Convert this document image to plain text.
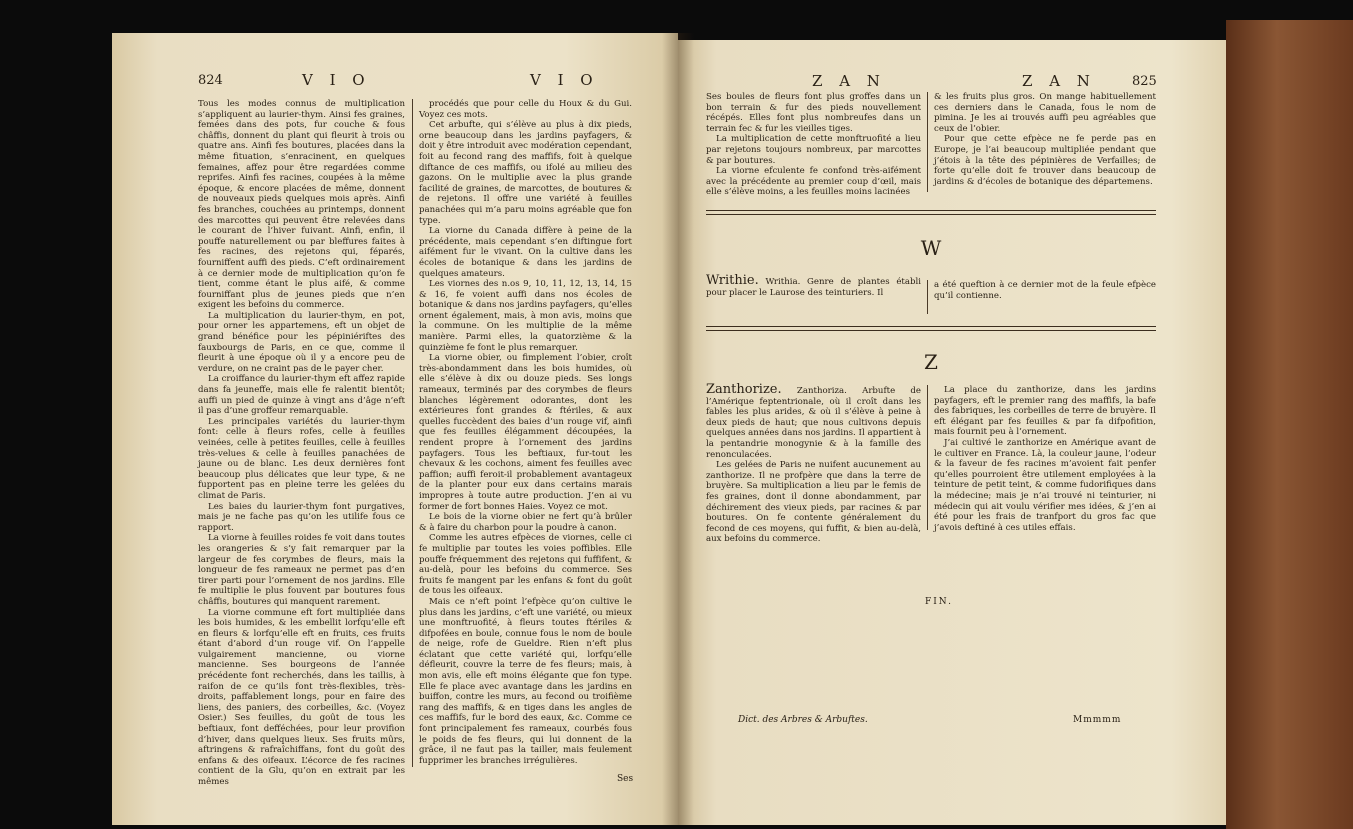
824	V I O	V I O

Tous les modes connus de multiplication s’appliquent au laurier-thym. Ainsi fes graines, femées dans des pots, fur couche & fous châffis, donnent du plant qui fleurit à trois ou quatre ans. Ainfi fes boutures, placées dans la même fituation, s’enracinent, en quelques femaines, affez pour être regardées comme reprifes. Ainfi fes racines, coupées à la même époque, & encore placées de même, donnent de nouveaux pieds quelques mois après. Ainfi fes branches, couchées au printemps, donnent des marcottes qui peuvent être relevées dans le courant de l’hiver fuivant. Ainfi, enfin, il pouffe naturellement ou par bleffures faites à fes racines, des rejetons qui, féparés, fourniffent auffi des pieds. C’eft ordinairement à ce dernier mode de multiplication qu’on fe tient, comme étant le plus aifé, & comme fourniffant plus de jeunes pieds que n’en exigent les befoins du commerce.

La multiplication du laurier-thym, en pot, pour orner les appartemens, eft un objet de grand bénéfice pour les pépiniériftes des fauxbourgs de Paris, en ce que, comme il fleurit à une époque où il y a encore peu de verdure, on ne craint pas de le payer cher.

La croiffance du laurier-thym eft affez rapide dans fa jeuneffe, mais elle fe ralentit bientôt; auffi un pied de quinze à vingt ans d’âge n’eft il pas d’une groffeur remarquable.

Les principales variétés du laurier-thym font: celle à fleurs rofes, celle à feuilles veinées, celle à petites feuilles, celle à feuilles très-velues & celle à feuilles panachées de jaune ou de blanc. Les deux dernières font beaucoup plus délicates que leur type, & ne fupportent pas en pleine terre les gelées du climat de Paris.

Les baies du laurier-thym font purgatives, mais je ne fache pas qu’on les utilife fous ce rapport.

La viorne à feuilles roides fe voit dans toutes les orangeries & s’y fait remarquer par la largeur de fes corymbes de fleurs, mais la longueur de fes rameaux ne permet pas d’en tirer parti pour l’ornement de nos jardins. Elle fe multiplie le plus fouvent par boutures fous châffis, boutures qui manquent rarement.

La viorne commune eft fort multipliée dans les bois humides, & les embellit lorfqu’elle eft en fleurs & lorfqu’elle eft en fruits, ces fruits étant d’abord d’un rouge vif. On l’appelle vulgairement mancienne, ou viorne mancienne. Ses bourgeons de l’année précédente font recherchés, dans les taillis, à raifon de ce qu’ils font très-flexibles, très-droits, paffablement longs, pour en faire des liens, des paniers, des corbeilles, &c. (Voyez Osier.) Ses feuilles, du goût de tous les beftiaux, font defféchées, pour leur provifion d’hiver, dans quelques lieux. Ses fruits mûrs, aftringens & rafraîchiffans, font du goût des enfans & des oifeaux. L’écorce de fes racines contient de la Glu, qu’on en extrait par les mêmes

procédés que pour celle du Houx & du Gui. Voyez ces mots.

Cet arbufte, qui s’élève au plus à dix pieds, orne beaucoup dans les jardins payfagers, & doit y être introduit avec modération cependant, foit au fecond rang des maffifs, foit à quelque diftance de ces maffifs, ou ifolé au milieu des gazons. On le multiplie avec la plus grande facilité de graines, de marcottes, de boutures & de rejetons. Il offre une variété à feuilles panachées qui m’a paru moins agréable que fon type.

La viorne du Canada diffère à peine de la précédente, mais cependant s’en diftingue fort aifément fur le vivant. On la cultive dans les écoles de botanique & dans les jardins de quelques amateurs.

Les viornes des n.os 9, 10, 11, 12, 13, 14, 15 & 16, fe voient auffi dans nos écoles de botanique & dans nos jardins payfagers, qu’elles ornent également, mais, à mon avis, moins que la commune. On les multiplie de la même manière. Parmi elles, la quatorzième & la quinzième fe font le plus remarquer.

La viorne obier, ou fimplement l’obier, croît très-abondamment dans les bois humides, où elle s’élève à dix ou douze pieds. Ses longs rameaux, terminés par des corymbes de fleurs blanches légèrement odorantes, dont les extérieures font grandes & ftériles, & aux quelles fuccèdent des baies d’un rouge vif, ainfi que fes feuilles élégamment découpées, la rendent propre à l’ornement des jardins payfagers. Tous les beftiaux, fur-tout les chevaux & les cochons, aiment fes feuilles avec paffion; auffi feroit-il probablement avantageux de la planter pour eux dans certains marais impropres à toute autre production. J’en ai vu former de fort bonnes Haies. Voyez ce mot.

Le bois de la viorne obier ne fert qu’à brûler & à faire du charbon pour la poudre à canon.

Comme les autres efpèces de viornes, celle ci fe multiplie par toutes les voies poffibles. Elle pouffe fréquemment des rejetons qui fuffifent, & au-delà, pour les befoins du commerce. Ses fruits fe mangent par les enfans & font du goût de tous les oifeaux.

Mais ce n’eft point l’efpèce qu’on cultive le plus dans les jardins, c’eft une variété, ou mieux une monftruofité, à fleurs toutes ftériles & difpofées en boule, connue fous le nom de boule de neige, rofe de Gueldre. Rien n’eft plus éclatant que cette variété qui, lorfqu’elle défleurit, couvre la terre de fes fleurs; mais, à mon avis, elle eft moins élégante que fon type. Elle fe place avec avantage dans les jardins en buiffon, contre les murs, au fecond ou troifième rang des maffifs, & en tiges dans les angles de ces maffifs, fur le bord des eaux, &c. Comme ce font principalement fes rameaux, courbés fous le poids de fes fleurs, qui lui donnent de la grâce, il ne faut pas la tailler, mais feulement fupprimer les branches irrégulières.

Ses
Z A N	Z A N	825

Ses boules de fleurs font plus groffes dans un bon terrain & fur des pieds nouvellement récépés. Elles font plus nombreufes dans un terrain fec & fur les vieilles tiges.

La multiplication de cette monftruofité a lieu par rejetons toujours nombreux, par marcottes & par boutures.

La viorne efculente fe confond très-aifément avec la précédente au premier coup d’œil, mais elle s’élève moins, a les feuilles moins lacinées

& les fruits plus gros. On mange habituellement ces derniers dans le Canada, fous le nom de pimina. Je les ai trouvés auffi peu agréables que ceux de l’obier.

Pour que cette efpèce ne fe perde pas en Europe, je l’ai beaucoup multipliée pendant que j’étois à la tête des pépinières de Verfailles; de forte qu’elle doit fe trouver dans beaucoup de jardins & d’écoles de botanique des départemens.

W

Writhie. Writhia. Genre de plantes établi pour placer le Laurose des teinturiers. Il

a été queftion à ce dernier mot de la feule efpèce qu’il contienne.

Z

Zanthorize. Zanthoriza. Arbufte de l’Amérique feptentrionale, où il croît dans les fables les plus arides, & où il s’élève à peine à deux pieds de haut; que nous cultivons depuis quelques années dans nos jardins. Il appartient à la pentandrie monogynie & à la famille des renonculacées.

Les gelées de Paris ne nuifent aucunement au zanthorize. Il ne profpère que dans la terre de bruyère. Sa multiplication a lieu par le femis de fes graines, dont il donne abondamment, par déchirement des vieux pieds, par racines & par boutures. On fe contente généralement du fecond de ces moyens, qui fuffit, & bien au-delà, aux befoins du commerce.

La place du zanthorize, dans les jardins payfagers, eft le premier rang des maffifs, la bafe des fabriques, les corbeilles de terre de bruyère. Il eft élégant par fes feuilles & par fa difpofition, mais fournit peu à l’ornement.

J’ai cultivé le zanthorize en Amérique avant de le cultiver en France. Là, la couleur jaune, l’odeur & la faveur de fes racines m’avoient fait penfer qu’elles pourroient être utilement employées à la teinture de petit teint, & comme fudorifiques dans la médecine; mais je n’ai trouvé ni teinturier, ni médecin qui ait voulu vérifier mes idées, & j’en ai été pour les frais de tranfport du gros fac que j’avois deftiné à ces utiles effais.

FIN.
Dict. des Arbres & Arbuftes.	Mmmmm
